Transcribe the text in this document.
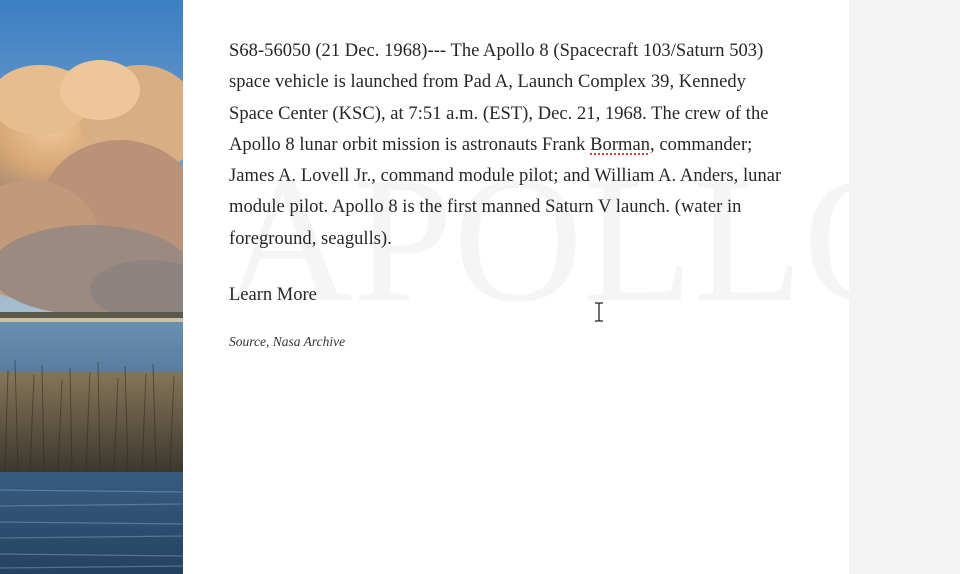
S68-56050 (21 Dec. 1968)--- The Apollo 8 (Spacecraft 103/Saturn 503) space vehicle is launched from Pad A, Launch Complex 39, Kennedy Space Center (KSC), at 7:51 a.m. (EST), Dec. 21, 1968. The crew of the Apollo 8 lunar orbit mission is astronauts Frank Borman, commander; James A. Lovell Jr., command module pilot; and William A. Anders, lunar module pilot. Apollo 8 is the first manned Saturn V launch. (water in foreground, seagulls).

Learn More
Source, Nasa Archive
